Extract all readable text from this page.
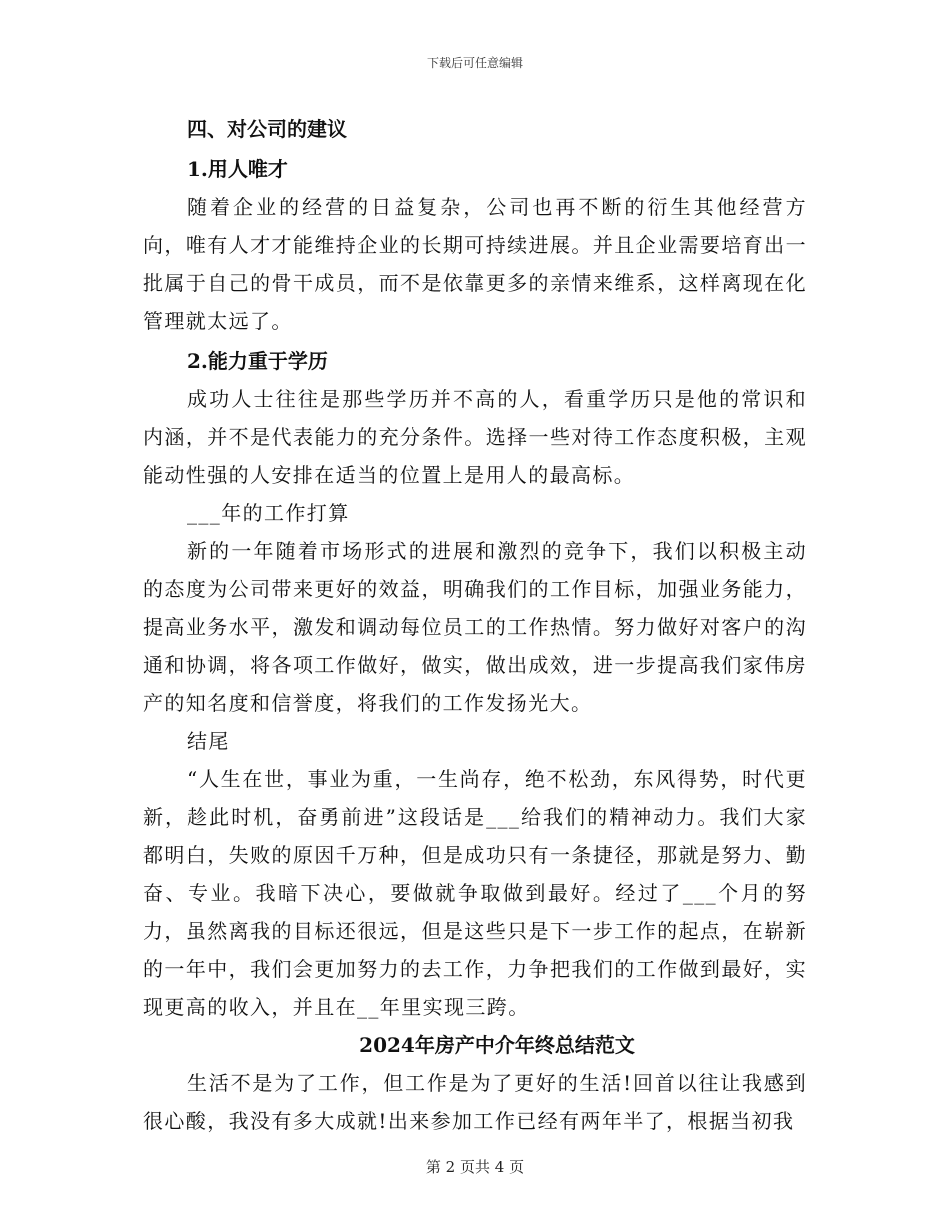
下载后可任意编辑
四、对公司的建议
1.用人唯才

随着企业的经营的日益复杂，公司也再不断的衍生其他经营方向，唯有人才才能维持企业的长期可持续进展。并且企业需要培育出一批属于自己的骨干成员，而不是依靠更多的亲情来维系，这样离现在化管理就太远了。

2.能力重于学历

成功人士往往是那些学历并不高的人，看重学历只是他的常识和内涵，并不是代表能力的充分条件。选择一些对待工作态度积极，主观能动性强的人安排在适当的位置上是用人的最高标。

___年的工作打算

新的一年随着市场形式的进展和激烈的竞争下，我们以积极主动的态度为公司带来更好的效益，明确我们的工作目标，加强业务能力，提高业务水平，激发和调动每位员工的工作热情。努力做好对客户的沟通和协调，将各项工作做好，做实，做出成效，进一步提高我们家伟房产的知名度和信誉度，将我们的工作发扬光大。

结尾

“人生在世，事业为重，一生尚存，绝不松劲，东风得势，时代更新，趁此时机，奋勇前进”这段话是___给我们的精神动力。我们大家都明白，失败的原因千万种，但是成功只有一条捷径，那就是努力、勤奋、专业。我暗下决心，要做就争取做到最好。经过了___个月的努力，虽然离我的目标还很远，但是这些只是下一步工作的起点，在崭新的一年中，我们会更加努力的去工作，力争把我们的工作做到最好，实现更高的收入，并且在__年里实现三跨。

2024年房产中介年终总结范文

生活不是为了工作，但工作是为了更好的生活!回首以往让我感到很心酸，我没有多大成就!出来参加工作已经有两年半了，根据当初我

第 2 页共 4 页
